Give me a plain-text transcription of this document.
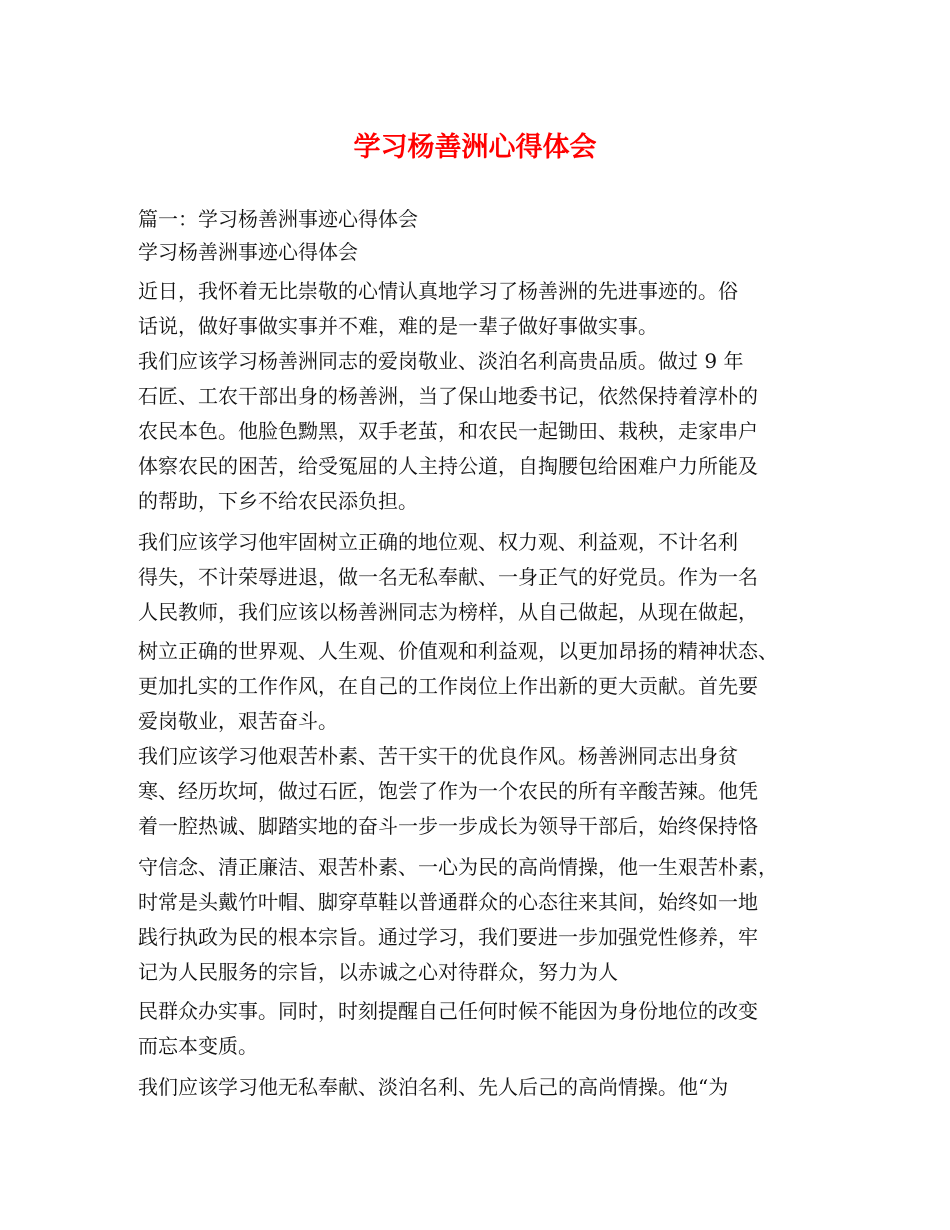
学习杨善洲心得体会

篇一：学习杨善洲事迹心得体会

学习杨善洲事迹心得体会

近日，我怀着无比崇敬的心情认真地学习了杨善洲的先进事迹的。俗

话说，做好事做实事并不难，难的是一辈子做好事做实事。

我们应该学习杨善洲同志的爱岗敬业、淡泊名利高贵品质。做过 9 年

石匠、工农干部出身的杨善洲，当了保山地委书记，依然保持着淳朴的

农民本色。他脸色黝黑，双手老茧，和农民一起锄田、栽秧，走家串户

体察农民的困苦，给受冤屈的人主持公道，自掏腰包给困难户力所能及

的帮助，下乡不给农民添负担。

我们应该学习他牢固树立正确的地位观、权力观、利益观，不计名利

得失，不计荣辱进退，做一名无私奉献、一身正气的好党员。作为一名

人民教师，我们应该以杨善洲同志为榜样，从自己做起，从现在做起，

树立正确的世界观、人生观、价值观和利益观，以更加昂扬的精神状态、

更加扎实的工作作风，在自己的工作岗位上作出新的更大贡献。首先要

爱岗敬业，艰苦奋斗。

我们应该学习他艰苦朴素、苦干实干的优良作风。杨善洲同志出身贫

寒、经历坎坷，做过石匠，饱尝了作为一个农民的所有辛酸苦辣。他凭

着一腔热诚、脚踏实地的奋斗一步一步成长为领导干部后，始终保持恪

守信念、清正廉洁、艰苦朴素、一心为民的高尚情操，他一生艰苦朴素，

时常是头戴竹叶帽、脚穿草鞋以普通群众的心态往来其间，始终如一地

践行执政为民的根本宗旨。通过学习，我们要进一步加强党性修养，牢

记为人民服务的宗旨，以赤诚之心对待群众，努力为人

民群众办实事。同时，时刻提醒自己任何时候不能因为身份地位的改变

而忘本变质。

我们应该学习他无私奉献、淡泊名利、先人后己的高尚情操。他“为
